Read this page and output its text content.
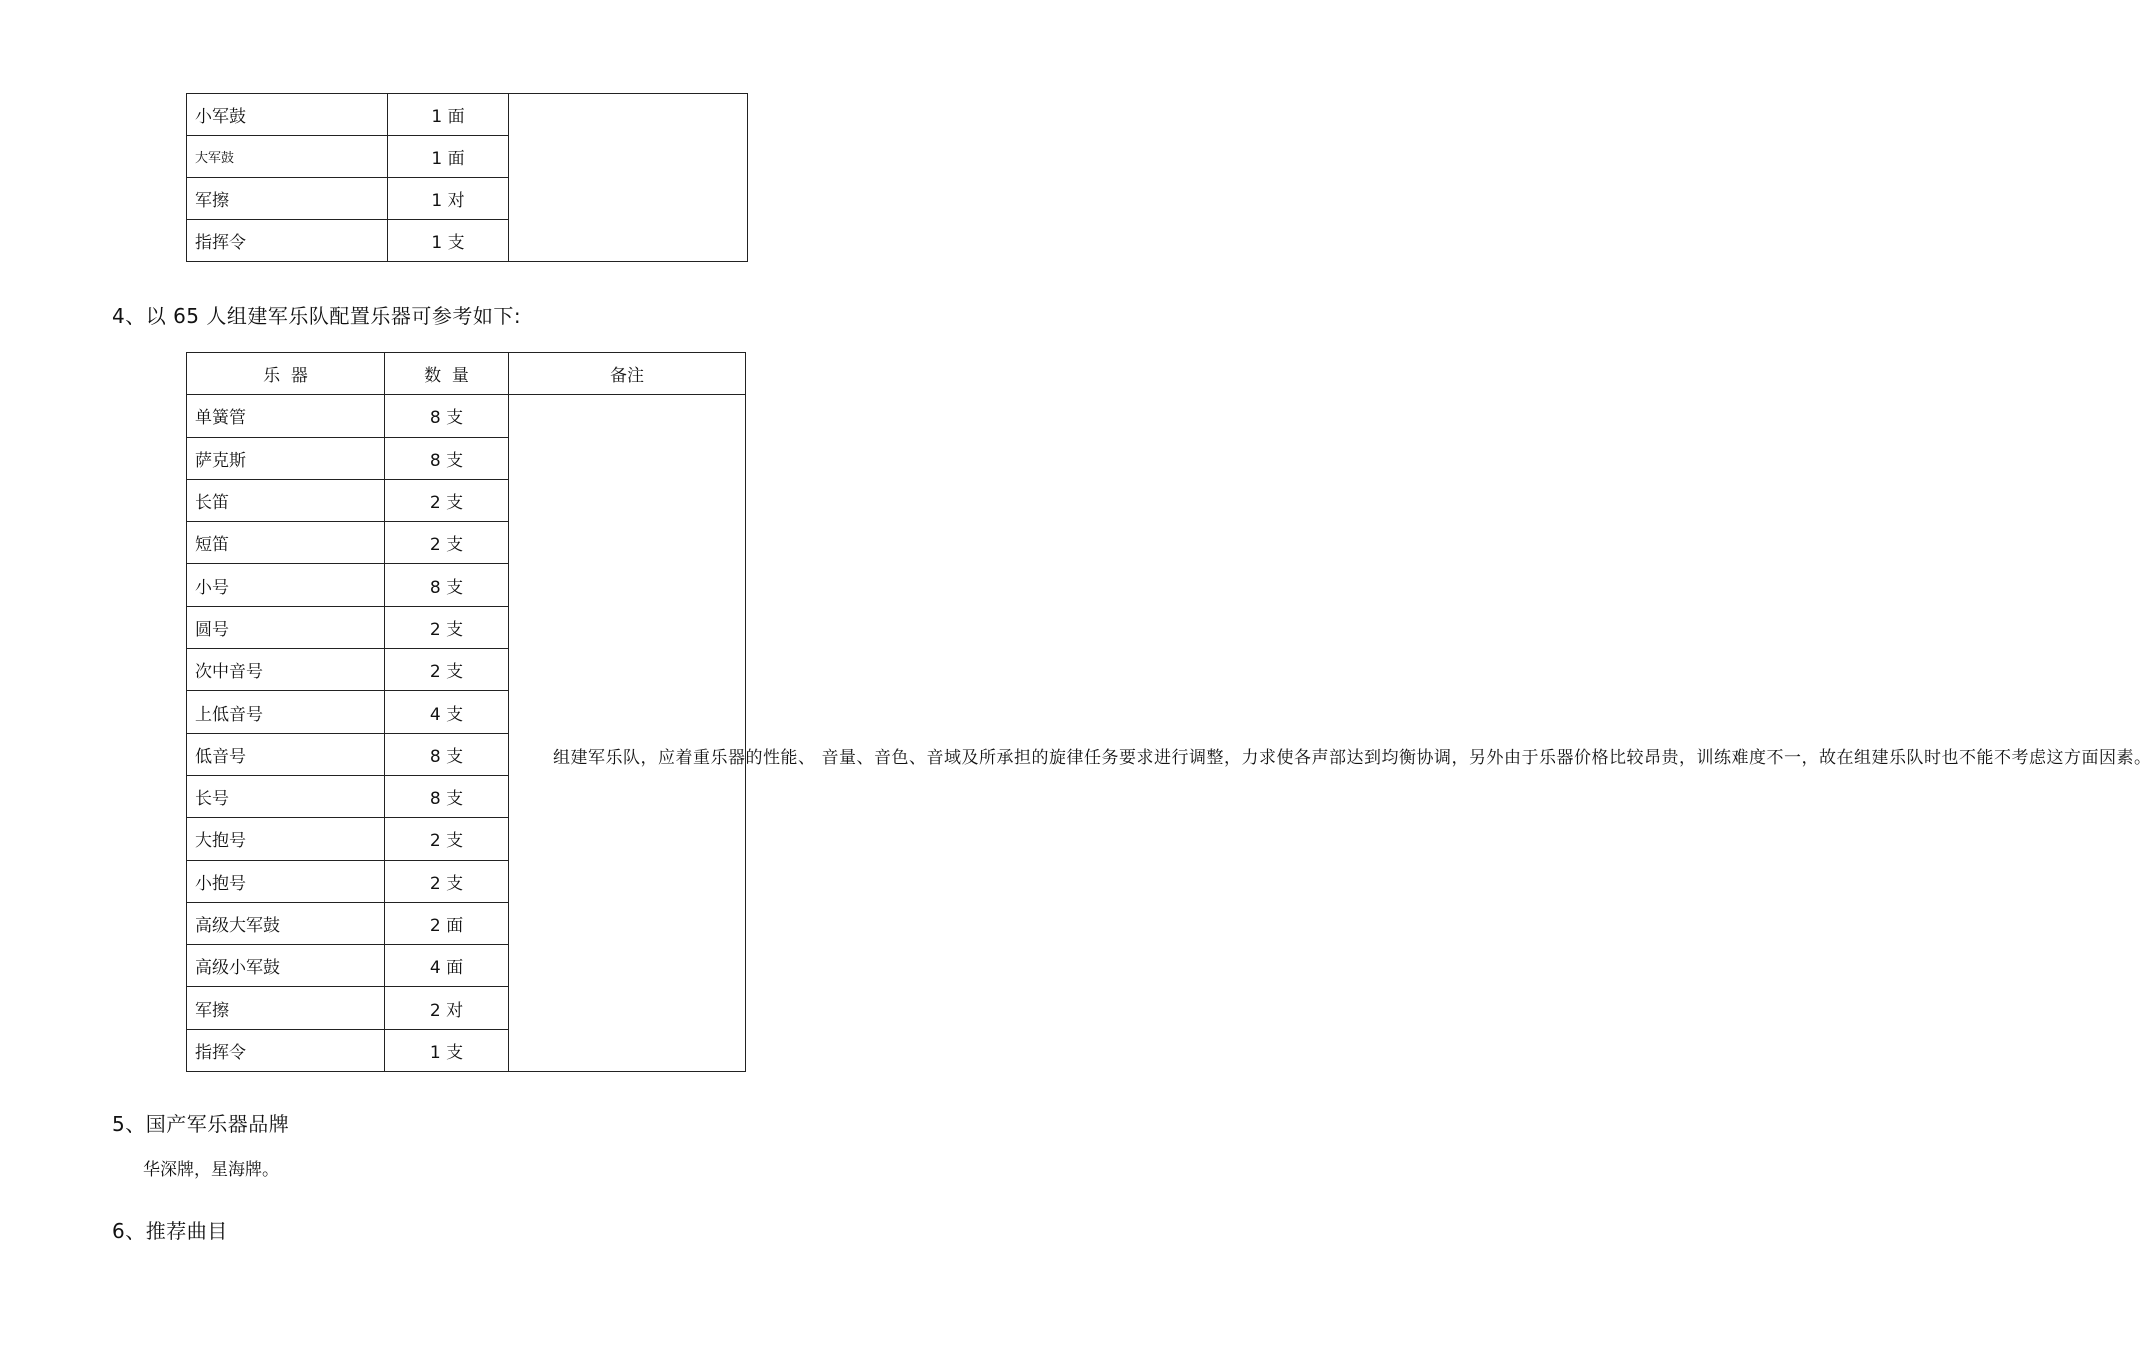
小军鼓	1 面	
大军鼓	1 面	
军擦	1 对	
指挥令	1 支	
4、以 65 人组建军乐队配置乐器可参考如下:
乐  器	数  量	备注
单簧管	8 支	组建军乐队，应着重乐器的性能、 音量、音色、音域及所承担的旋律任务要求进行调整，力求使各声部达到均衡协调，另外由于乐器价格比较昂贵，训练难度不一，故在组建乐队时也不能不考虑这方面因素。
萨克斯	8 支	
长笛	2 支	
短笛	2 支	
小号	8 支	
圆号	2 支	
次中音号	2 支	
上低音号	4 支	
低音号	8 支	
长号	8 支	
大抱号	2 支	
小抱号	2 支	
高级大军鼓	2 面	
高级小军鼓	4 面	
军擦	2 对	
指挥令	1 支	
5、国产军乐器品牌
华深牌，星海牌。
6、推荐曲目
